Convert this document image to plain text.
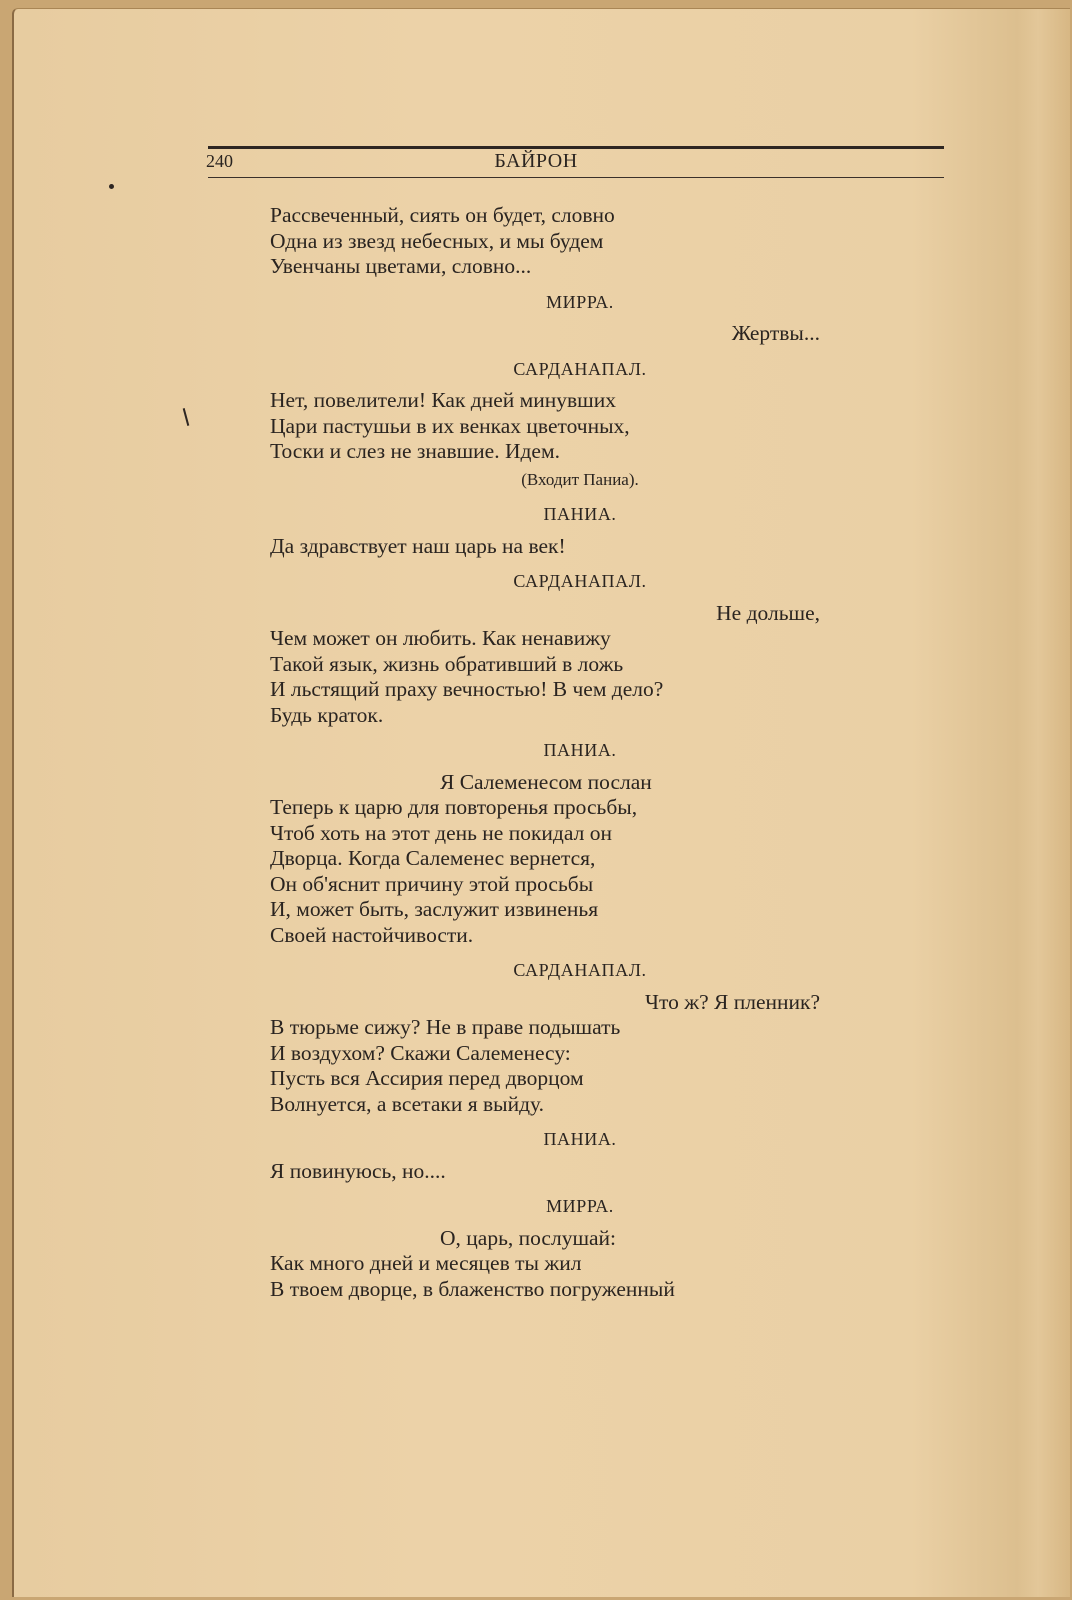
240	БАЙРОН
Рассвеченный, сиять он будет, словно
Одна из звезд небесных, и мы будем
Увенчаны цветами, словно...
МИРРА.
Жертвы...
САРДАНАПАЛ.
Нет, повелители! Как дней минувших
Цари пастушьи в их венках цветочных,
Тоски и слез не знавшие. Идем.
(Входит Паниа).
ПАНИА.
Да здравствует наш царь на век!
САРДАНАПАЛ.
Не дольше,
Чем может он любить. Как ненавижу
Такой язык, жизнь обративший в ложь
И льстящий праху вечностью! В чем дело?
Будь краток.
ПАНИА.
Я Салеменесом послан
Теперь к царю для повторенья просьбы,
Чтоб хоть на этот день не покидал он
Дворца. Когда Салеменес вернется,
Он об'яснит причину этой просьбы
И, может быть, заслужит извиненья
Своей настойчивости.
САРДАНАПАЛ.
Что ж? Я пленник?
В тюрьме сижу? Не в праве подышать
И воздухом? Скажи Салеменесу:
Пусть вся Ассирия перед дворцом
Волнуется, а всетаки я выйду.
ПАНИА.
Я повинуюсь, но....
МИРРА.
О, царь, послушай:
Как много дней и месяцев ты жил
В твоем дворце, в блаженство погруженный
